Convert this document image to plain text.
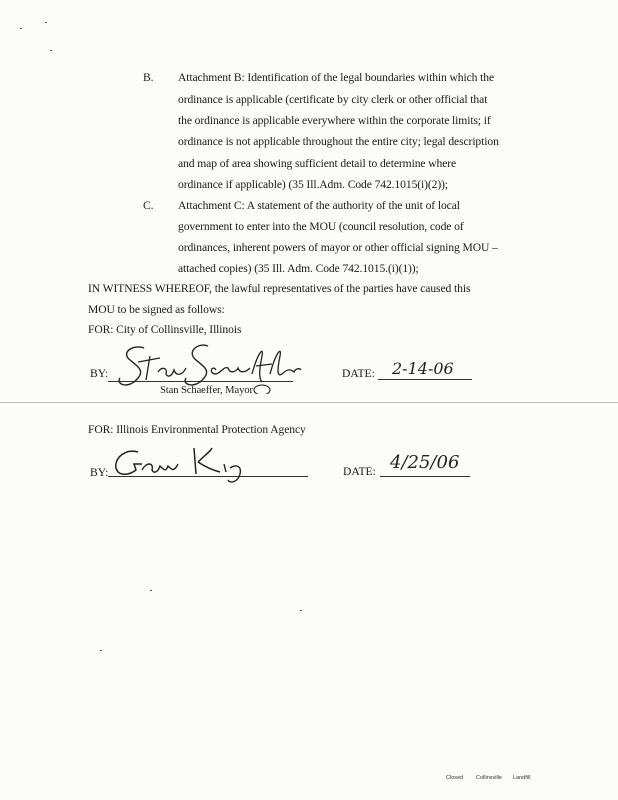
B. Attachment B: Identification of the legal boundaries within which the
ordinance is applicable (certificate by city clerk or other official that
the ordinance is applicable everywhere within the corporate limits; if
ordinance is not applicable throughout the entire city; legal description
and map of area showing sufficient detail to determine where
ordinance if applicable) (35 Ill.Adm. Code 742.1015(i)(2));
C. Attachment C: A statement of the authority of the unit of local
government to enter into the MOU (council resolution, code of
ordinances, inherent powers of mayor or other official signing MOU –
attached copies) (35 Ill. Adm. Code 742.1015.(i)(1));
IN WITNESS WHEREOF, the lawful representatives of the parties have caused this
MOU to be signed as follows:
FOR: City of Collinsville, Illinois
BY:
Stan Schaeffer, Mayor
DATE: 2-14-06
FOR: Illinois Environmental Protection Agency
BY:	DATE: 4/25/06
Closed Collinsville Landfill
